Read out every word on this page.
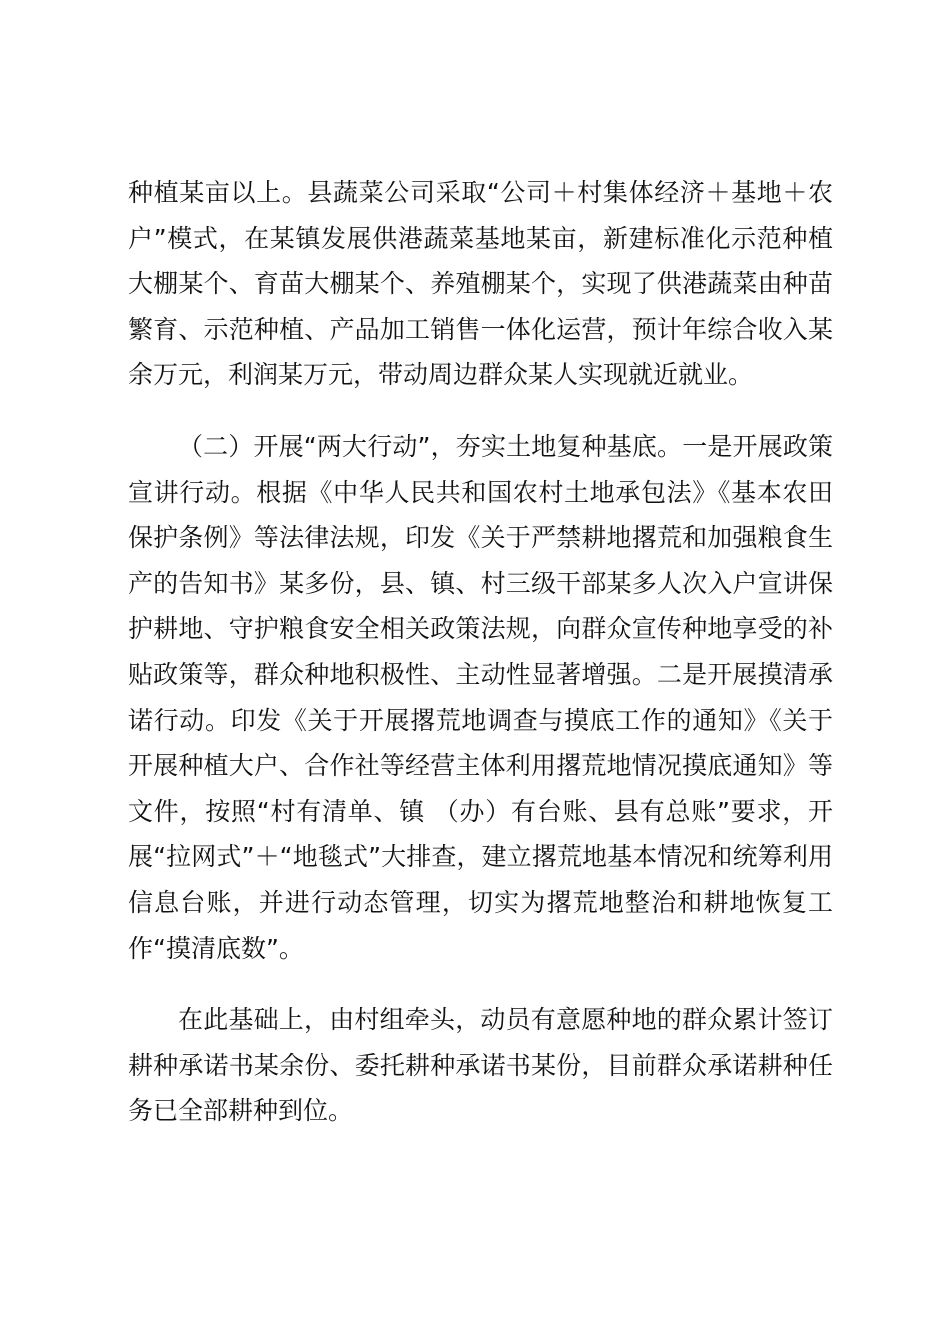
种植某亩以上。县蔬菜公司采取“公司＋村集体经济＋基地＋农户”模式，在某镇发展供港蔬菜基地某亩，新建标准化示范种植大棚某个、育苗大棚某个、养殖棚某个，实现了供港蔬菜由种苗繁育、示范种植、产品加工销售一体化运营，预计年综合收入某余万元，利润某万元，带动周边群众某人实现就近就业。

（二）开展“两大行动”，夯实土地复种基底。一是开展政策宣讲行动。根据《中华人民共和国农村土地承包法》《基本农田保护条例》等法律法规，印发《关于严禁耕地撂荒和加强粮食生产的告知书》某多份，县、镇、村三级干部某多人次入户宣讲保护耕地、守护粮食安全相关政策法规，向群众宣传种地享受的补贴政策等，群众种地积极性、主动性显著增强。二是开展摸清承诺行动。印发《关于开展撂荒地调查与摸底工作的通知》《关于开展种植大户、合作社等经营主体利用撂荒地情况摸底通知》等文件，按照“村有清单、镇 （办）有台账、县有总账”要求，开展“拉网式”＋“地毯式”大排查，建立撂荒地基本情况和统筹利用信息台账，并进行动态管理，切实为撂荒地整治和耕地恢复工作“摸清底数”。

在此基础上，由村组牵头，动员有意愿种地的群众累计签订耕种承诺书某余份、委托耕种承诺书某份，目前群众承诺耕种任务已全部耕种到位。
